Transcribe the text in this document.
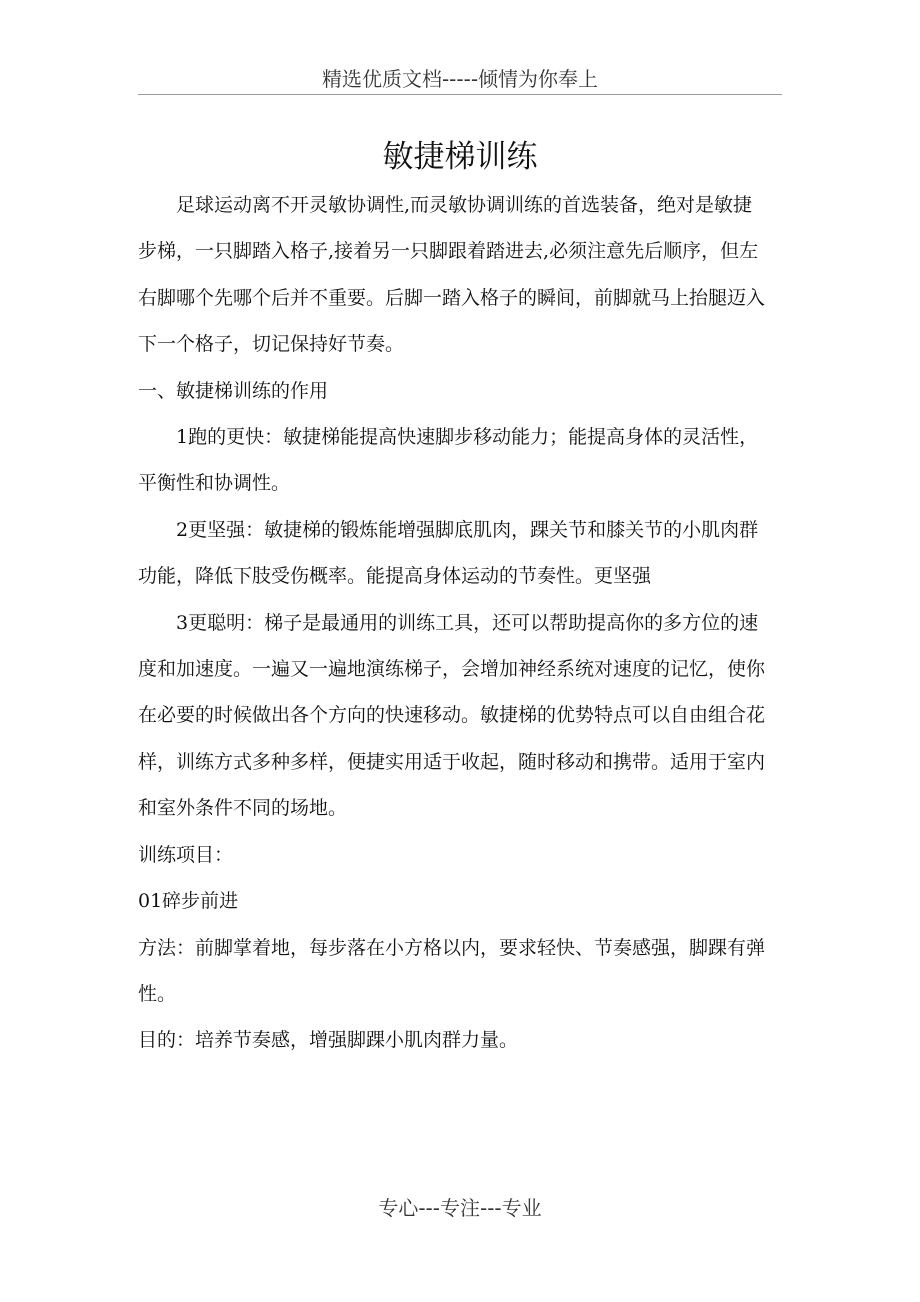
精选优质文档-----倾情为你奉上
敏捷梯训练

足球运动离不开灵敏协调性,而灵敏协调训练的首选装备，绝对是敏捷步梯，一只脚踏入格子,接着另一只脚跟着踏进去,必须注意先后顺序，但左右脚哪个先哪个后并不重要。后脚一踏入格子的瞬间，前脚就马上抬腿迈入下一个格子，切记保持好节奏。

一、敏捷梯训练的作用

1跑的更快：敏捷梯能提高快速脚步移动能力；能提高身体的灵活性，平衡性和协调性。

2更坚强：敏捷梯的锻炼能增强脚底肌肉，踝关节和膝关节的小肌肉群功能，降低下肢受伤概率。能提高身体运动的节奏性。更坚强

3更聪明：梯子是最通用的训练工具，还可以帮助提高你的多方位的速度和加速度。一遍又一遍地演练梯子，会增加神经系统对速度的记忆，使你在必要的时候做出各个方向的快速移动。敏捷梯的优势特点可以自由组合花样，训练方式多种多样，便捷实用适于收起，随时移动和携带。适用于室内和室外条件不同的场地。

训练项目：

01碎步前进

方法：前脚掌着地，每步落在小方格以内，要求轻快、节奏感强，脚踝有弹性。

目的：培养节奏感，增强脚踝小肌肉群力量。

专心---专注---专业
